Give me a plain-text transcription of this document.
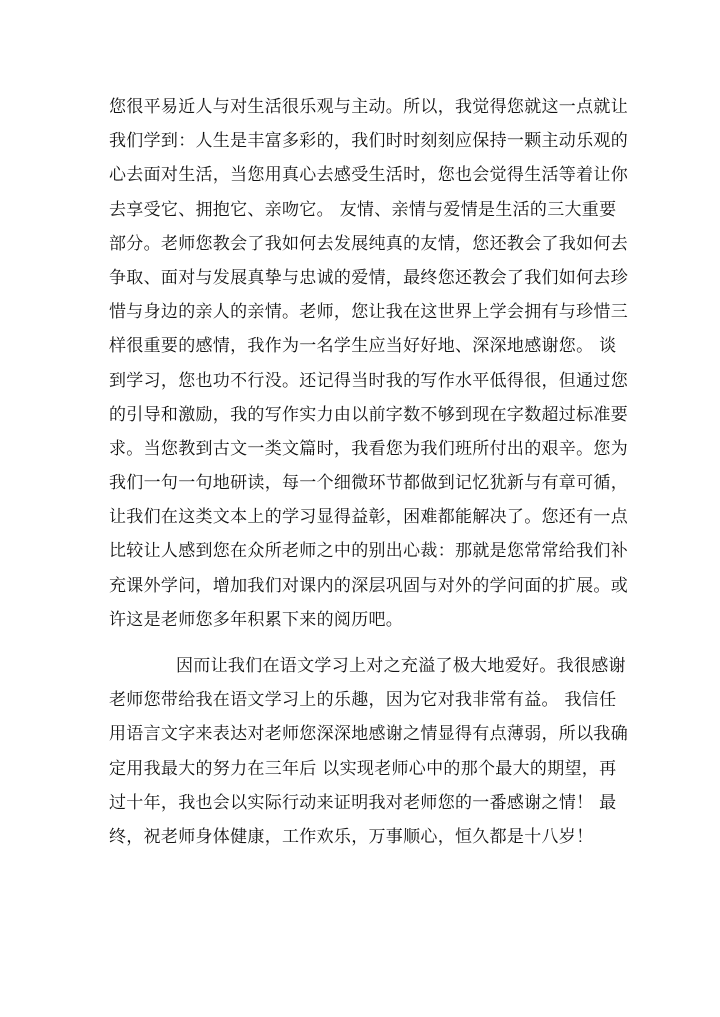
您很平易近人与对生活很乐观与主动。所以，我觉得您就这一点就让
我们学到：人生是丰富多彩的，我们时时刻刻应保持一颗主动乐观的
心去面对生活，当您用真心去感受生活时，您也会觉得生活等着让你
去享受它、拥抱它、亲吻它。 友情、亲情与爱情是生活的三大重要
部分。老师您教会了我如何去发展纯真的友情，您还教会了我如何去
争取、面对与发展真挚与忠诚的爱情，最终您还教会了我们如何去珍
惜与身边的亲人的亲情。老师，您让我在这世界上学会拥有与珍惜三
样很重要的感情，我作为一名学生应当好好地、深深地感谢您。 谈
到学习，您也功不行没。还记得当时我的写作水平低得很，但通过您
的引导和激励，我的写作实力由以前字数不够到现在字数超过标准要
求。当您教到古文一类文篇时，我看您为我们班所付出的艰辛。您为
我们一句一句地研读，每一个细微环节都做到记忆犹新与有章可循，
让我们在这类文本上的学习显得益彰，困难都能解决了。您还有一点
比较让人感到您在众所老师之中的别出心裁：那就是您常常给我们补
充课外学问，增加我们对课内的深层巩固与对外的学问面的扩展。或
许这是老师您多年积累下来的阅历吧。
因而让我们在语文学习上对之充溢了极大地爱好。我很感谢
老师您带给我在语文学习上的乐趣，因为它对我非常有益。 我信任
用语言文字来表达对老师您深深地感谢之情显得有点薄弱，所以我确
定用我最大的努力在三年后 以实现老师心中的那个最大的期望，再
过十年，我也会以实际行动来证明我对老师您的一番感谢之情！ 最
终，祝老师身体健康，工作欢乐，万事顺心，恒久都是十八岁！
